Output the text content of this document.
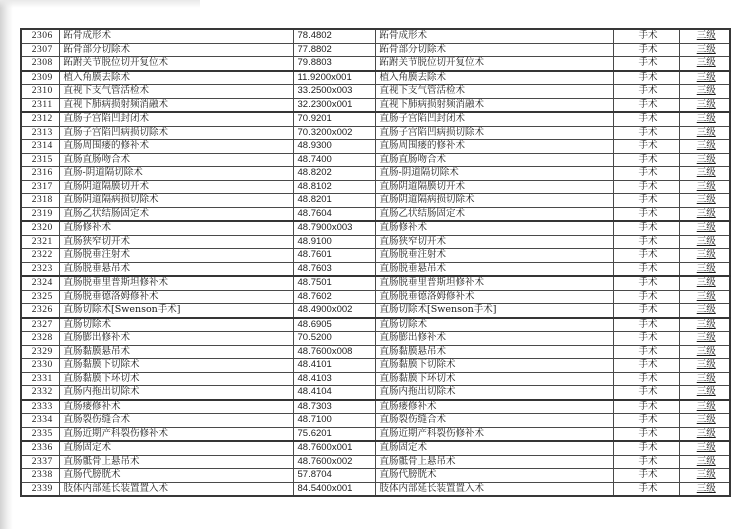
2306	跖骨成形术	78.4802	跖骨成形术	手术	三级
2307	跖骨部分切除术	77.8802	跖骨部分切除术	手术	三级
2308	跖跗关节脱位切开复位术	79.8803	跖跗关节脱位切开复位术	手术	三级
2309	植入角膜去除术	11.9200x001	植入角膜去除术	手术	三级
2310	直视下支气管活检术	33.2500x003	直视下支气管活检术	手术	三级
2311	直视下肺病损射频消融术	32.2300x001	直视下肺病损射频消融术	手术	三级
2312	直肠子宫陷凹封闭术	70.9201	直肠子宫陷凹封闭术	手术	三级
2313	直肠子宫陷凹病损切除术	70.3200x002	直肠子宫陷凹病损切除术	手术	三级
2314	直肠周围瘘的修补术	48.9300	直肠周围瘘的修补术	手术	三级
2315	直肠直肠吻合术	48.7400	直肠直肠吻合术	手术	三级
2316	直肠-阴道隔切除术	48.8202	直肠-阴道隔切除术	手术	三级
2317	直肠阴道隔膜切开术	48.8102	直肠阴道隔膜切开术	手术	三级
2318	直肠阴道隔病损切除术	48.8201	直肠阴道隔病损切除术	手术	三级
2319	直肠乙状结肠固定术	48.7604	直肠乙状结肠固定术	手术	三级
2320	直肠修补术	48.7900x003	直肠修补术	手术	三级
2321	直肠狭窄切开术	48.9100	直肠狭窄切开术	手术	三级
2322	直肠脱垂注射术	48.7601	直肠脱垂注射术	手术	三级
2323	直肠脱垂悬吊术	48.7603	直肠脱垂悬吊术	手术	三级
2324	直肠脱垂里普斯坦修补术	48.7501	直肠脱垂里普斯坦修补术	手术	三级
2325	直肠脱垂德洛姆修补术	48.7602	直肠脱垂德洛姆修补术	手术	三级
2326	直肠切除术[Swenson手术]	48.4900x002	直肠切除术[Swenson手术]	手术	三级
2327	直肠切除术	48.6905	直肠切除术	手术	三级
2328	直肠膨出修补术	70.5200	直肠膨出修补术	手术	三级
2329	直肠黏膜悬吊术	48.7600x008	直肠黏膜悬吊术	手术	三级
2330	直肠黏膜下切除术	48.4101	直肠黏膜下切除术	手术	三级
2331	直肠黏膜下环切术	48.4103	直肠黏膜下环切术	手术	三级
2332	直肠内拖出切除术	48.4104	直肠内拖出切除术	手术	三级
2333	直肠瘘修补术	48.7303	直肠瘘修补术	手术	三级
2334	直肠裂伤缝合术	48.7100	直肠裂伤缝合术	手术	三级
2335	直肠近期产科裂伤修补术	75.6201	直肠近期产科裂伤修补术	手术	三级
2336	直肠固定术	48.7600x001	直肠固定术	手术	三级
2337	直肠骶骨上悬吊术	48.7600x002	直肠骶骨上悬吊术	手术	三级
2338	直肠代膀胱术	57.8704	直肠代膀胱术	手术	三级
2339	肢体内部延长装置置入术	84.5400x001	肢体内部延长装置置入术	手术	三级
